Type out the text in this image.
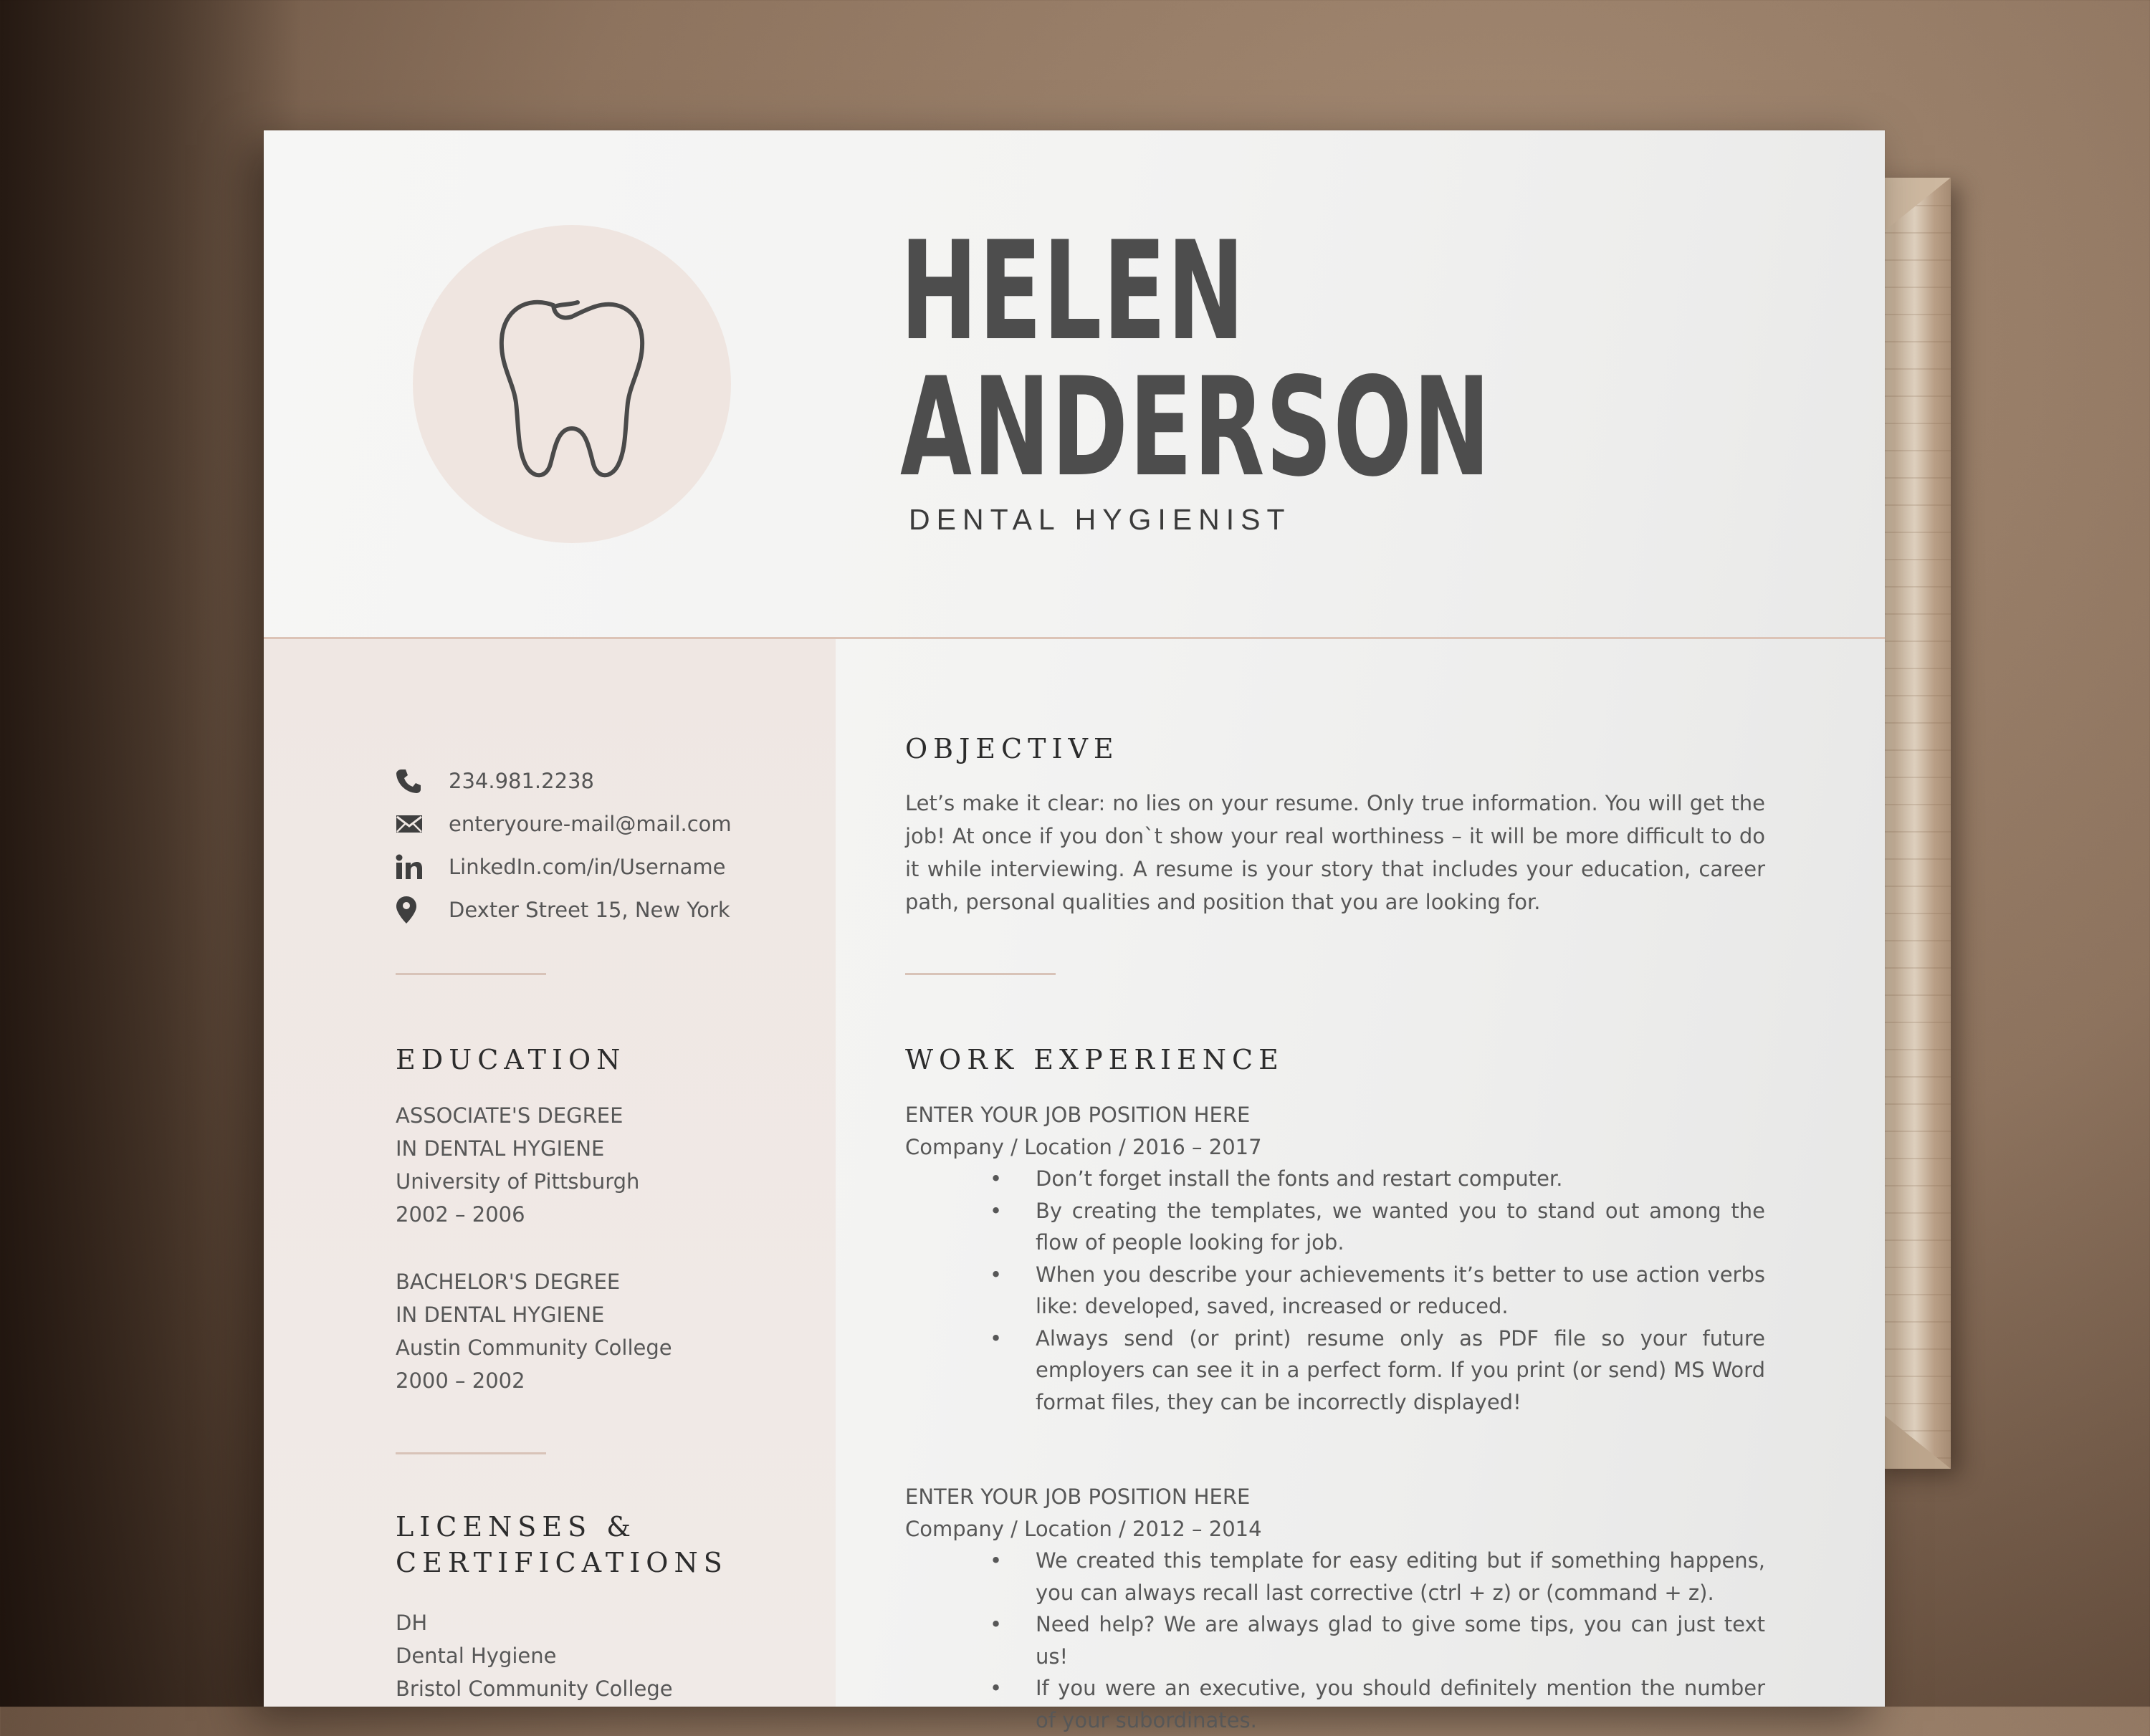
HELEN
ANDERSON
DENTAL HYGIENIST
234.981.2238
enteryoure-mail@mail.com
LinkedIn.com/in/Username
Dexter Street 15, New York
EDUCATION
ASSOCIATE'S DEGREE
IN DENTAL HYGIENE
University of Pittsburgh
2002 – 2006
BACHELOR'S DEGREE
IN DENTAL HYGIENE
Austin Community College
2000 – 2002
LICENSES &
CERTIFICATIONS
DH
Dental Hygiene
Bristol Community College
OBJECTIVE

Let’s make it clear: no lies on your resume. Only true information. You will get the job! At once if you don`t show your real worthiness – it will be more difficult to do it while interviewing. A resume is your story that includes your education, career path, personal qualities and position that you are looking for.

WORK EXPERIENCE
ENTER YOUR JOB POSITION HERE
Company / Location / 2016 – 2017
• Don’t forget install the fonts and restart computer.
• By creating the templates, we wanted you to stand out among the flow of people looking for job.
• When you describe your achievements it’s better to use action verbs like: developed, saved, increased or reduced.
• Always send (or print) resume only as PDF file so your future employers can see it in a perfect form. If you print (or send) MS Word format files, they can be incorrectly displayed!
ENTER YOUR JOB POSITION HERE
Company / Location / 2012 – 2014
• We created this template for easy editing but if something happens, you can always recall last corrective (ctrl + z) or (command + z).
• Need help? We are always glad to give some tips, you can just text us!
• If you were an executive, you should definitely mention the number of your subordinates.
